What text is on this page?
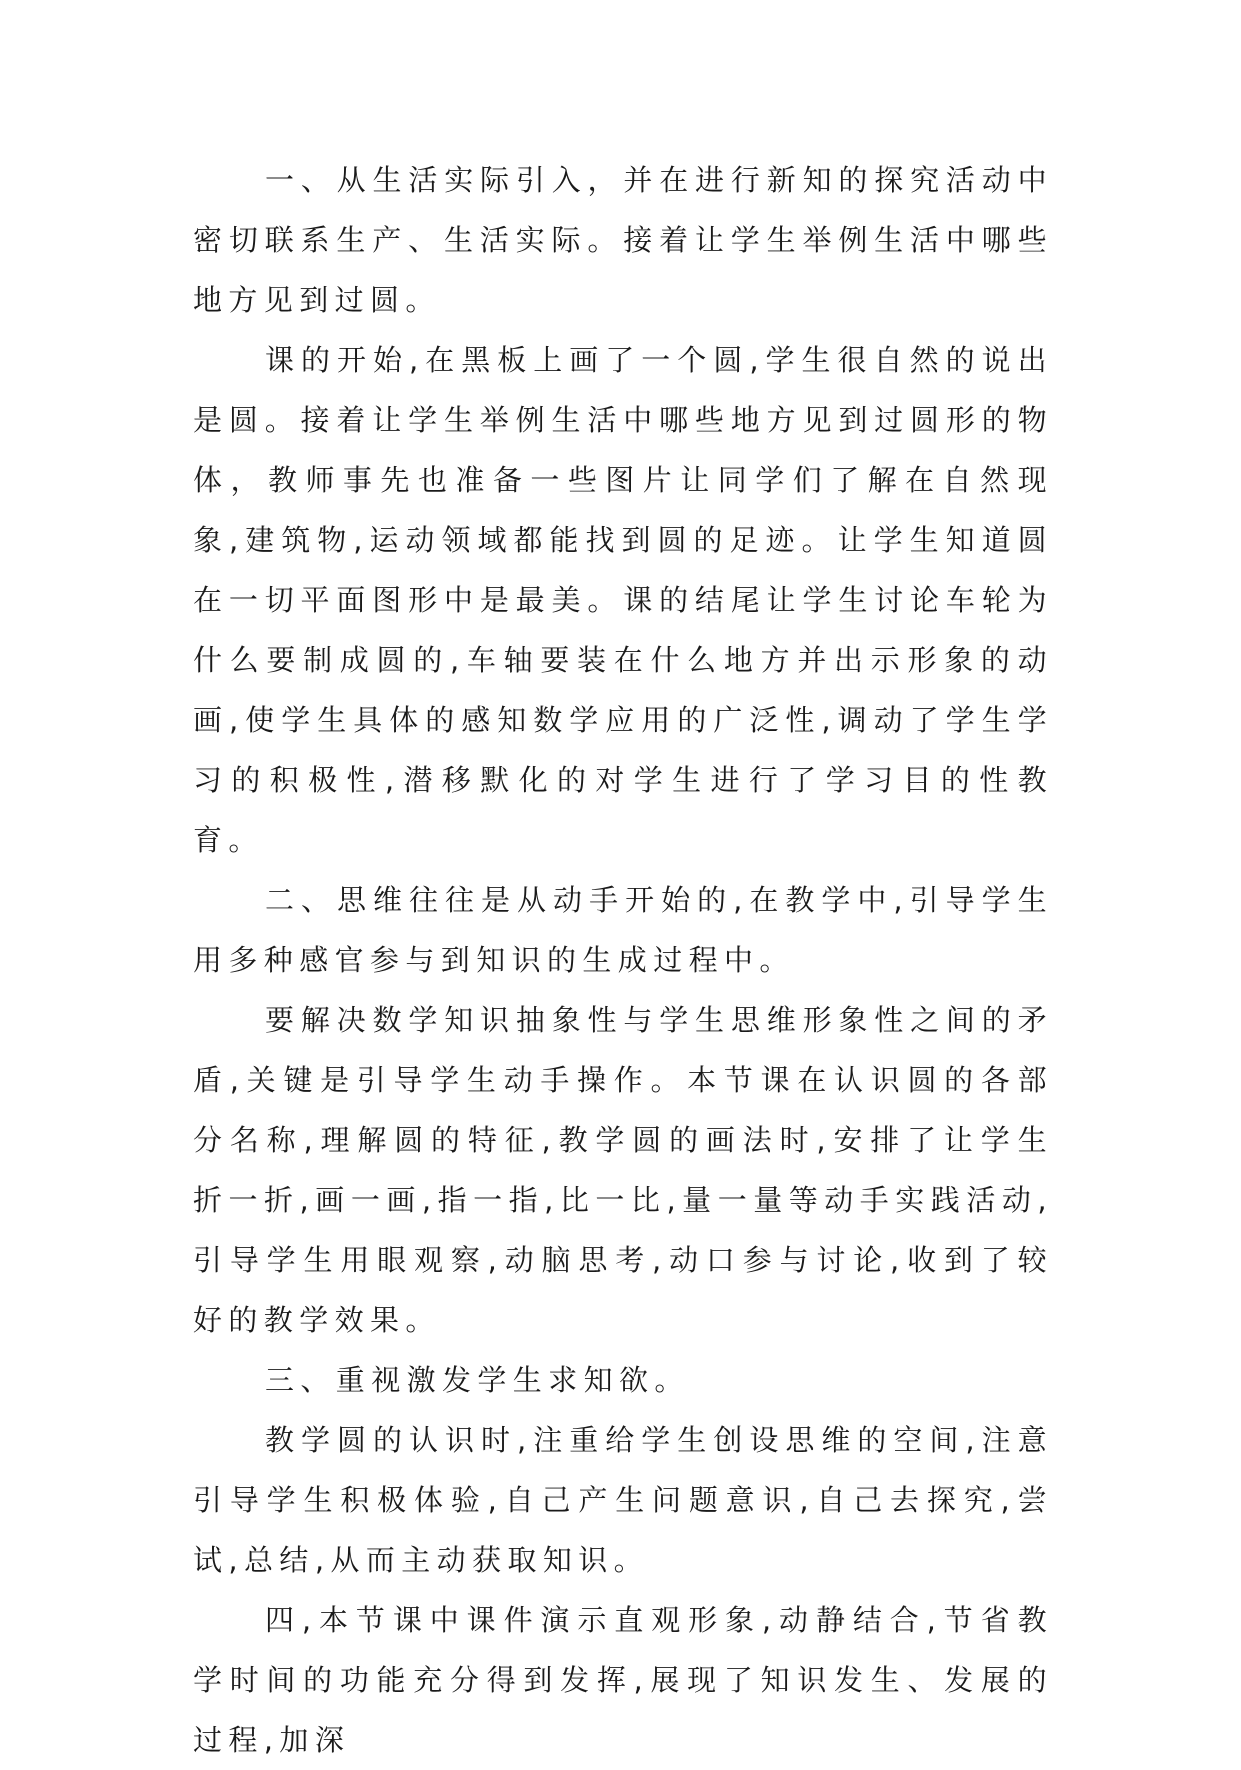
一、从生活实际引入，并在进行新知的探究活动中密切联系生产、生活实际。接着让学生举例生活中哪些地方见到过圆。

课的开始,在黑板上画了一个圆,学生很自然的说出是圆。接着让学生举例生活中哪些地方见到过圆形的物体，教师事先也准备一些图片让同学们了解在自然现象,建筑物,运动领域都能找到圆的足迹。让学生知道圆在一切平面图形中是最美。课的结尾让学生讨论车轮为什么要制成圆的,车轴要装在什么地方并出示形象的动画,使学生具体的感知数学应用的广泛性,调动了学生学习的积极性,潜移默化的对学生进行了学习目的性教育。

二、思维往往是从动手开始的,在教学中,引导学生用多种感官参与到知识的生成过程中。

要解决数学知识抽象性与学生思维形象性之间的矛盾,关键是引导学生动手操作。本节课在认识圆的各部分名称,理解圆的特征,教学圆的画法时,安排了让学生折一折,画一画,指一指,比一比,量一量等动手实践活动,引导学生用眼观察,动脑思考,动口参与讨论,收到了较好的教学效果。

三、重视激发学生求知欲。

教学圆的认识时,注重给学生创设思维的空间,注意引导学生积极体验,自己产生问题意识,自己去探究,尝试,总结,从而主动获取知识。

四,本节课中课件演示直观形象,动静结合,节省教学时间的功能充分得到发挥,展现了知识发生、发展的过程,加深
